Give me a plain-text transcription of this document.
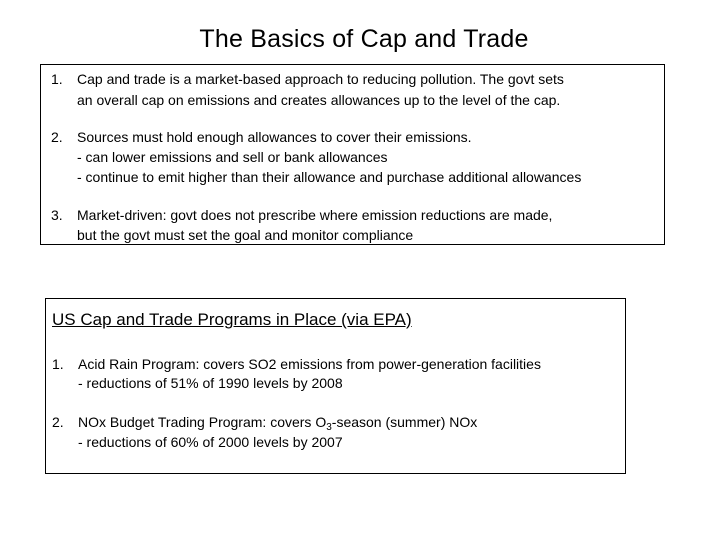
The Basics of Cap and Trade
1. Cap and trade is a market-based approach to reducing pollution. The govt sets
an overall cap on emissions and creates allowances up to the level of the cap.
2. Sources must hold enough allowances to cover their emissions.
- can lower emissions and sell or bank allowances
- continue to emit higher than their allowance and purchase additional allowances
3. Market-driven: govt does not prescribe where emission reductions are made,
but the govt must set the goal and monitor compliance
US Cap and Trade Programs in Place (via EPA)
1. Acid Rain Program: covers SO2 emissions from power-generation facilities
- reductions of 51% of 1990 levels by 2008
2. NOx Budget Trading Program: covers $O_3$-season (summer) NOx
- reductions of 60% of 2000 levels by 2007
